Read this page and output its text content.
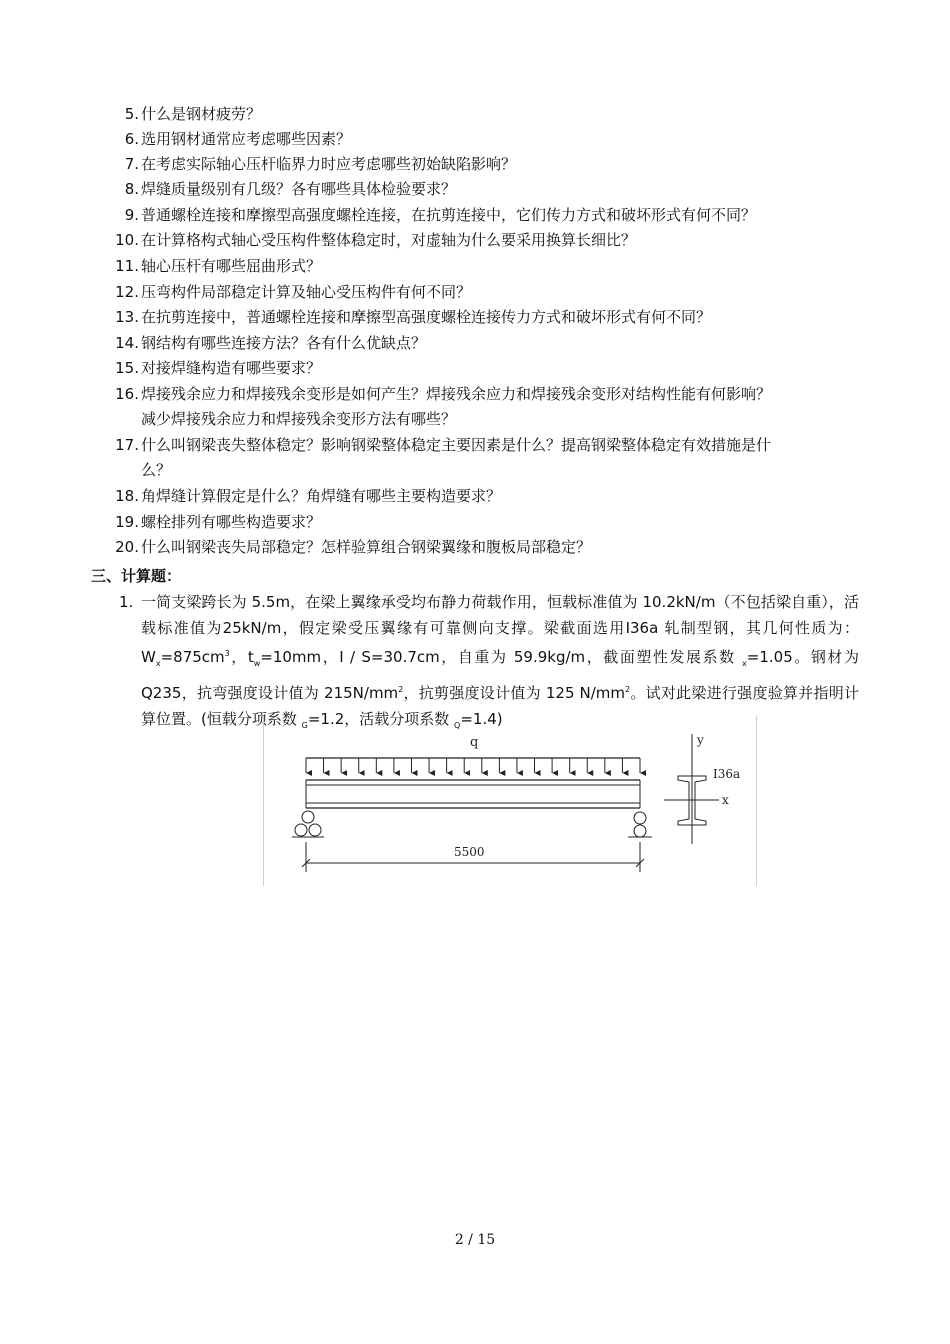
5. 什么是钢材疲劳？
6. 选用钢材通常应考虑哪些因素？
7. 在考虑实际轴心压杆临界力时应考虑哪些初始缺陷影响？
8. 焊缝质量级别有几级？各有哪些具体检验要求？
9. 普通螺栓连接和摩擦型高强度螺栓连接，在抗剪连接中，它们传力方式和破坏形式有何不同？
10. 在计算格构式轴心受压构件整体稳定时，对虚轴为什么要采用换算长细比？
11. 轴心压杆有哪些屈曲形式？
12. 压弯构件局部稳定计算及轴心受压构件有何不同？
13. 在抗剪连接中，普通螺栓连接和摩擦型高强度螺栓连接传力方式和破坏形式有何不同？
14. 钢结构有哪些连接方法？各有什么优缺点？
15. 对接焊缝构造有哪些要求？
16. 焊接残余应力和焊接残余变形是如何产生？焊接残余应力和焊接残余变形对结构性能有何影响？
减少焊接残余应力和焊接残余变形方法有哪些？
17. 什么叫钢梁丧失整体稳定？影响钢梁整体稳定主要因素是什么？提高钢梁整体稳定有效措施是什
么？
18. 角焊缝计算假定是什么？角焊缝有哪些主要构造要求？
19. 螺栓排列有哪些构造要求？
20. 什么叫钢梁丧失局部稳定？怎样验算组合钢梁翼缘和腹板局部稳定？
三、计算题：
1. 一简支梁跨长为 5.5m，在梁上翼缘承受均布静力荷载作用，恒载标准值为 10.2kN/m（不包括梁自重），活载标准值为25kN/m，假定梁受压翼缘有可靠侧向支撑。梁截面选用I36a 轧制型钢，其几何性质为：$W_x=875cm^3$，$t_w=10mm$，I / S=30.7cm，自重为 59.9kg/m，截面塑性发展系数 $_x$=1.05。钢材为 Q235，抗弯强度设计值为 $215N/mm^2$，抗剪强度设计值为 125 $N/mm^2$。试对此梁进行强度验算并指明计算位置。(恒载分项系数 $_G$=1.2，活载分项系数 $_Q$=1.4)
q
5500
y
I36a
x
2 / 15
